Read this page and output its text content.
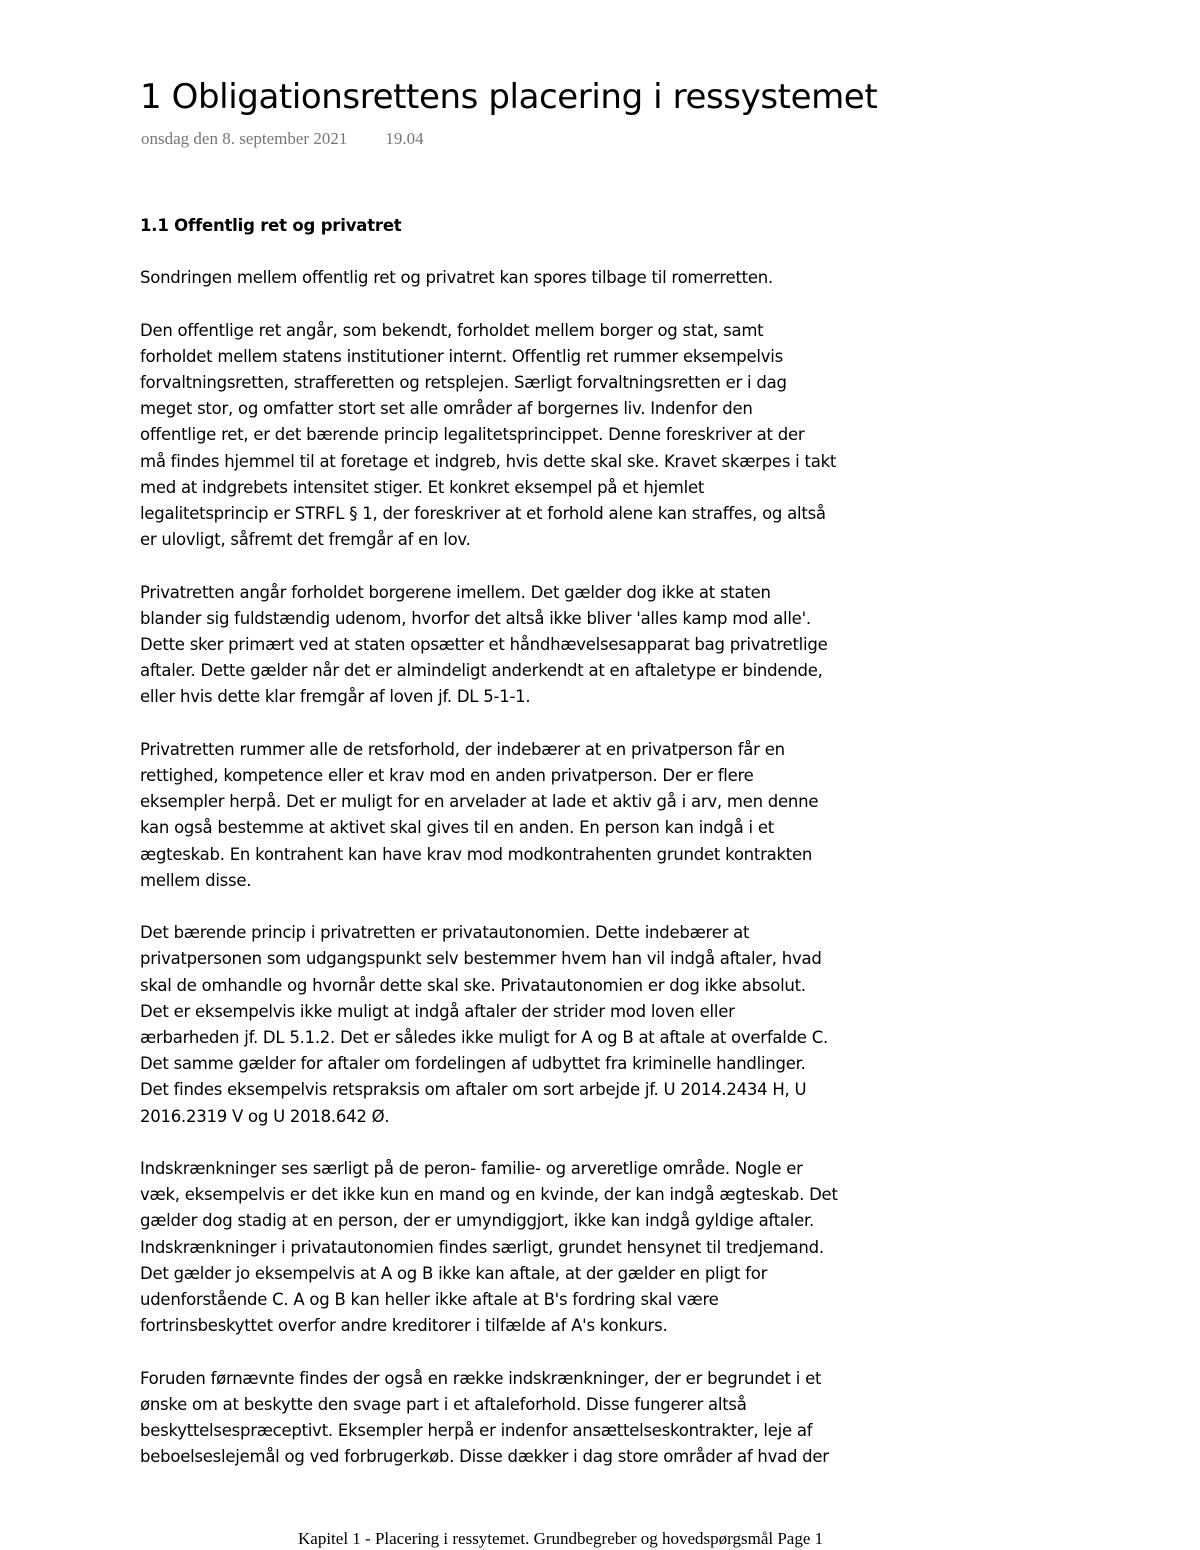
1 Obligationsrettens placering i ressystemet
onsdag den 8. september 2021 19.04
1.1 Offentlig ret og privatret

Sondringen mellem offentlig ret og privatret kan spores tilbage til romerretten.

Den offentlige ret angår, som bekendt, forholdet mellem borger og stat, samt
forholdet mellem statens institutioner internt. Offentlig ret rummer eksempelvis
forvaltningsretten, strafferetten og retsplejen. Særligt forvaltningsretten er i dag
meget stor, og omfatter stort set alle områder af borgernes liv. Indenfor den
offentlige ret, er det bærende princip legalitetsprincippet. Denne foreskriver at der
må findes hjemmel til at foretage et indgreb, hvis dette skal ske. Kravet skærpes i takt
med at indgrebets intensitet stiger. Et konkret eksempel på et hjemlet
legalitetsprincip er STRFL § 1, der foreskriver at et forhold alene kan straffes, og altså
er ulovligt, såfremt det fremgår af en lov.

Privatretten angår forholdet borgerene imellem. Det gælder dog ikke at staten
blander sig fuldstændig udenom, hvorfor det altså ikke bliver 'alles kamp mod alle'.
Dette sker primært ved at staten opsætter et håndhævelsesapparat bag privatretlige
aftaler. Dette gælder når det er almindeligt anderkendt at en aftaletype er bindende,
eller hvis dette klar fremgår af loven jf. DL 5-1-1.

Privatretten rummer alle de retsforhold, der indebærer at en privatperson får en
rettighed, kompetence eller et krav mod en anden privatperson. Der er flere
eksempler herpå. Det er muligt for en arvelader at lade et aktiv gå i arv, men denne
kan også bestemme at aktivet skal gives til en anden. En person kan indgå i et
ægteskab. En kontrahent kan have krav mod modkontrahenten grundet kontrakten
mellem disse.

Det bærende princip i privatretten er privatautonomien. Dette indebærer at
privatpersonen som udgangspunkt selv bestemmer hvem han vil indgå aftaler, hvad
skal de omhandle og hvornår dette skal ske. Privatautonomien er dog ikke absolut.
Det er eksempelvis ikke muligt at indgå aftaler der strider mod loven eller
ærbarheden jf. DL 5.1.2. Det er således ikke muligt for A og B at aftale at overfalde C.
Det samme gælder for aftaler om fordelingen af udbyttet fra kriminelle handlinger.
Det findes eksempelvis retspraksis om aftaler om sort arbejde jf. U 2014.2434 H, U
2016.2319 V og U 2018.642 Ø.

Indskrænkninger ses særligt på de peron- familie- og arveretlige område. Nogle er
væk, eksempelvis er det ikke kun en mand og en kvinde, der kan indgå ægteskab. Det
gælder dog stadig at en person, der er umyndiggjort, ikke kan indgå gyldige aftaler.
Indskrænkninger i privatautonomien findes særligt, grundet hensynet til tredjemand.
Det gælder jo eksempelvis at A og B ikke kan aftale, at der gælder en pligt for
udenforstående C. A og B kan heller ikke aftale at B's fordring skal være
fortrinsbeskyttet overfor andre kreditorer i tilfælde af A's konkurs.

Foruden førnævnte findes der også en række indskrænkninger, der er begrundet i et
ønske om at beskytte den svage part i et aftaleforhold. Disse fungerer altså
beskyttelsespræceptivt. Eksempler herpå er indenfor ansættelseskontrakter, leje af
beboelseslejemål og ved forbrugerkøb. Disse dækker i dag store områder af hvad der

Kapitel 1 - Placering i ressytemet. Grundbegreber og hovedspørgsmål Page 1
